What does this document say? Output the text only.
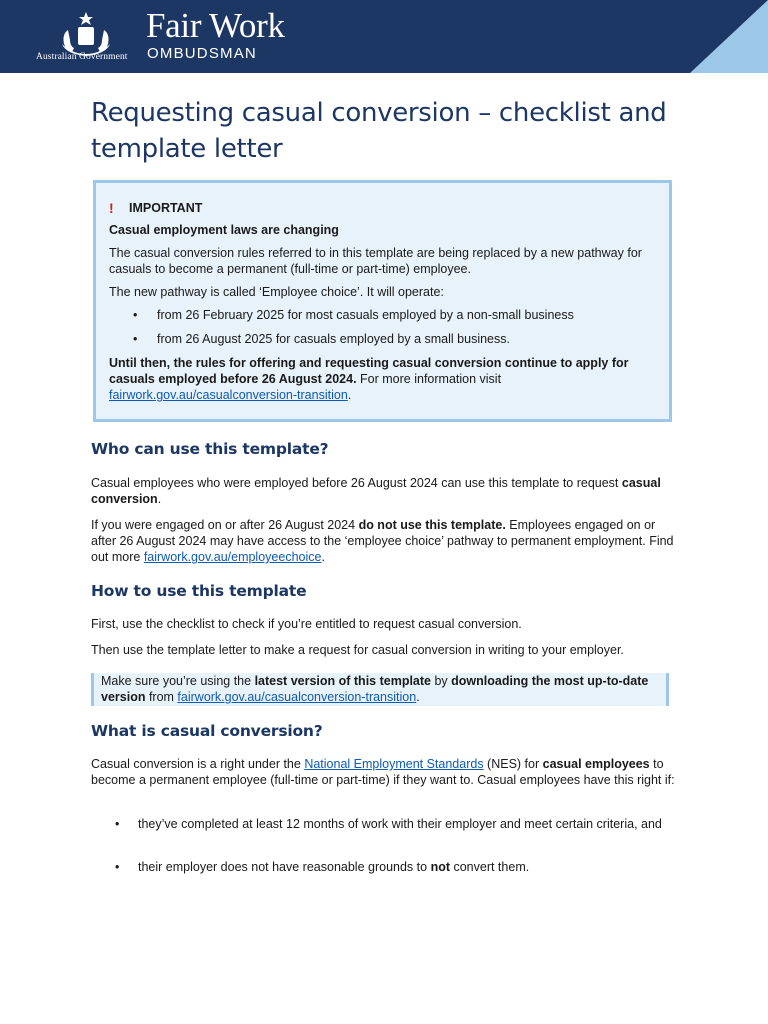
Australian Government
Fair Work
OMBUDSMAN
Requesting casual conversion – checklist and template letter
!	IMPORTANT

Casual employment laws are changing

The casual conversion rules referred to in this template are being replaced by a new pathway for casuals to become a permanent (full-time or part-time) employee.

The new pathway is called ‘Employee choice’. It will operate:

• from 26 February 2025 for most casuals employed by a non-small business
• from 26 August 2025 for casuals employed by a small business.

Until then, the rules for offering and requesting casual conversion continue to apply for casuals employed before 26 August 2024. For more information visit fairwork.gov.au/casualconversion-transition.

Who can use this template?

Casual employees who were employed before 26 August 2024 can use this template to request casual conversion.

If you were engaged on or after 26 August 2024 do not use this template. Employees engaged on or after 26 August 2024 may have access to the ‘employee choice’ pathway to permanent employment. Find out more fairwork.gov.au/employeechoice.

How to use this template

First, use the checklist to check if you’re entitled to request casual conversion.

Then use the template letter to make a request for casual conversion in writing to your employer.

Make sure you’re using the latest version of this template by downloading the most up-to-date version from fairwork.gov.au/casualconversion-transition.
What is casual conversion?

Casual conversion is a right under the National Employment Standards (NES) for casual employees to become a permanent employee (full-time or part-time) if they want to. Casual employees have this right if:

• they’ve completed at least 12 months of work with their employer and meet certain criteria, and
• their employer does not have reasonable grounds to not convert them.
